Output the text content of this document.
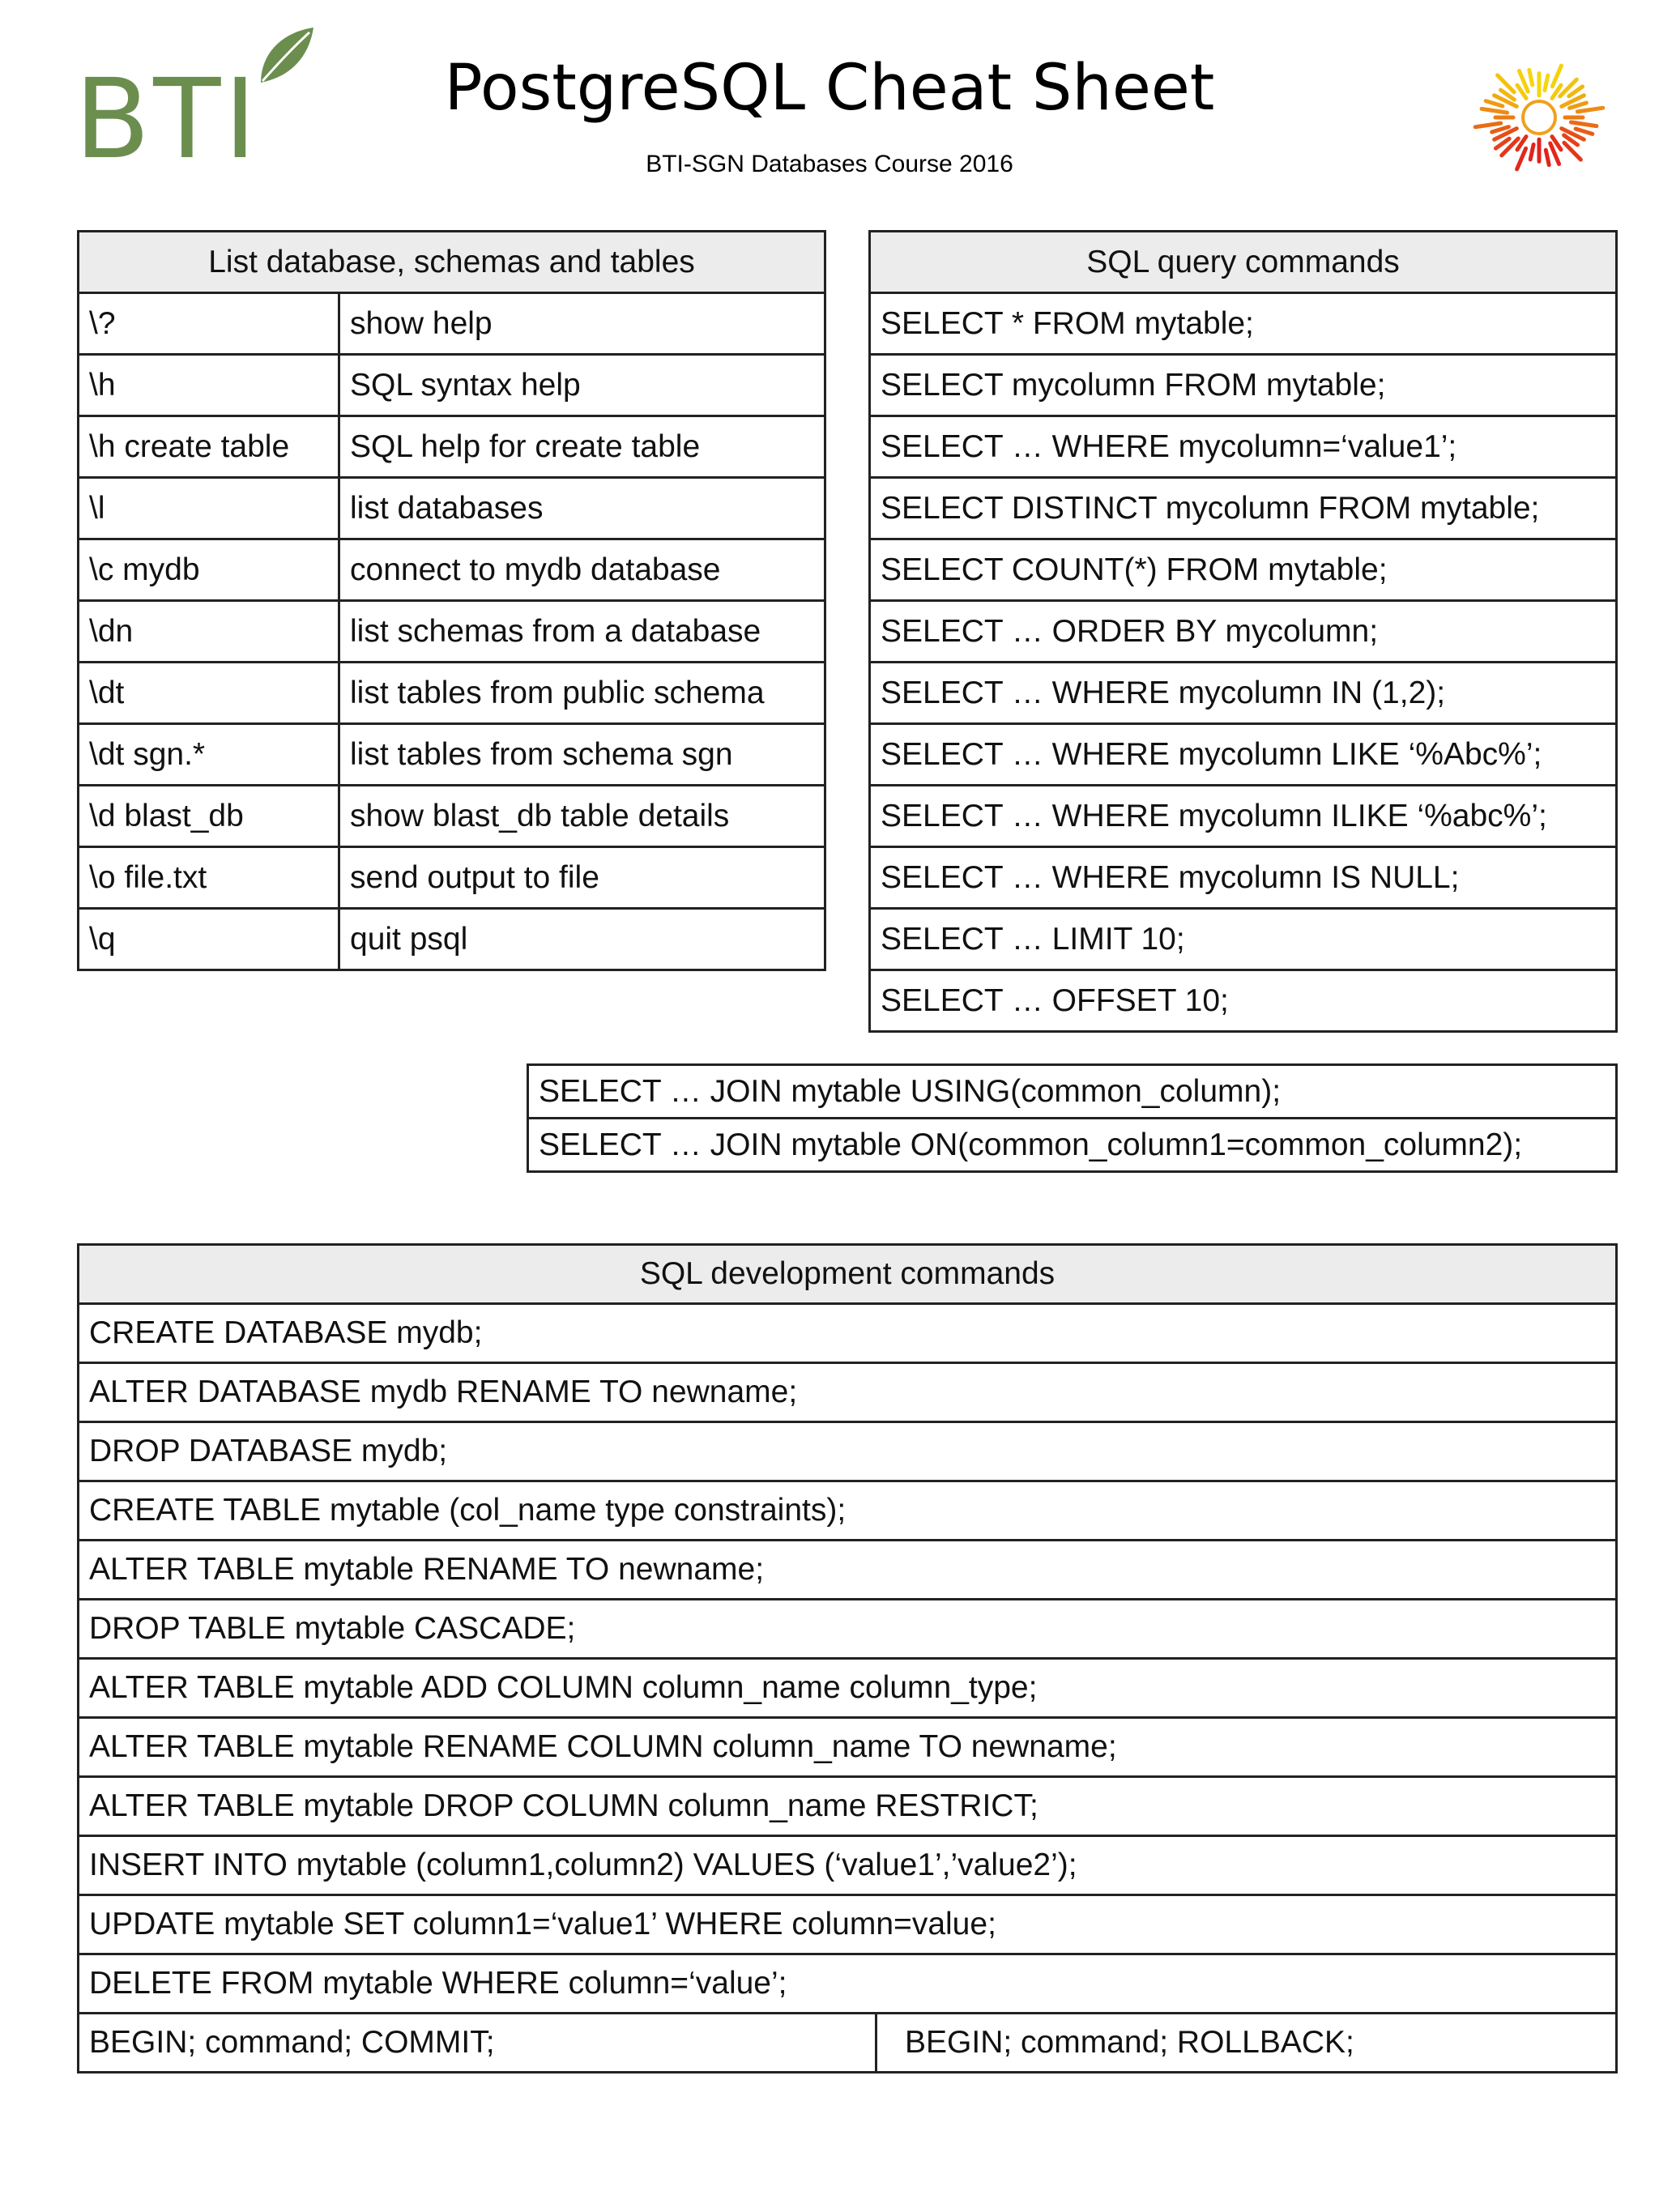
BTI	PostgreSQL Cheat Sheet
BTI-SGN Databases Course 2016
List database, schemas and tables	
\?	show help
\h	SQL syntax help
\h create table	SQL help for create table
\l	list databases
\c mydb	connect to mydb database
\dn	list schemas from a database
\dt	list tables from public schema
\dt sgn.*	list tables from schema sgn
\d blast_db	show blast_db table details
\o file.txt	send output to file
\q	quit psql
SQL query commands
SELECT * FROM mytable;
SELECT mycolumn FROM mytable;
SELECT … WHERE mycolumn=‘value1’;
SELECT DISTINCT mycolumn FROM mytable;
SELECT COUNT(*) FROM mytable;
SELECT … ORDER BY mycolumn;
SELECT … WHERE mycolumn IN (1,2);
SELECT … WHERE mycolumn LIKE ‘%Abc%’;
SELECT … WHERE mycolumn ILIKE ‘%abc%’;
SELECT … WHERE mycolumn IS NULL;
SELECT … LIMIT 10;
SELECT … OFFSET 10;
SELECT … JOIN mytable USING(common_column);
SELECT … JOIN mytable ON(common_column1=common_column2);
SQL development commands
CREATE DATABASE mydb;
ALTER DATABASE mydb RENAME TO newname;
DROP DATABASE mydb;
CREATE TABLE mytable (col_name type constraints);
ALTER TABLE mytable RENAME TO newname;
DROP TABLE mytable CASCADE;
ALTER TABLE mytable ADD COLUMN column_name column_type;
ALTER TABLE mytable RENAME COLUMN column_name TO newname;
ALTER TABLE mytable DROP COLUMN column_name RESTRICT;
INSERT INTO mytable (column1,column2) VALUES (‘value1’,’value2’);
UPDATE mytable SET column1=‘value1’ WHERE column=value;
DELETE FROM mytable WHERE column=‘value’;
BEGIN; command; COMMIT;	BEGIN; command; ROLLBACK;
